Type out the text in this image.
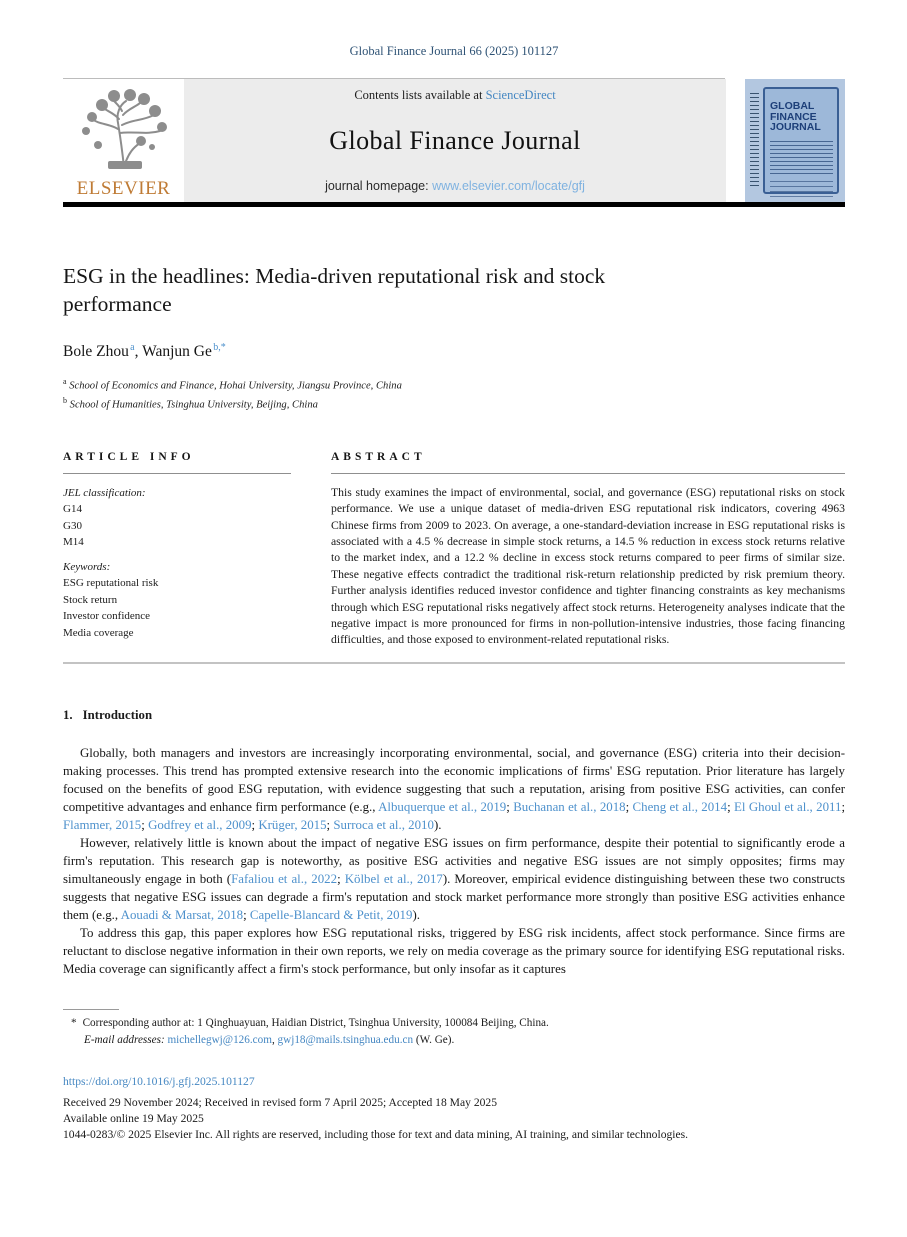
Global Finance Journal 66 (2025) 101127
ELSEVIER
Contents lists available at ScienceDirect
Global Finance Journal
journal homepage: www.elsevier.com/locate/gfj
GLOBAL
FINANCE
JOURNAL
ESG in the headlines: Media-driven reputational risk and stock performance
Bole Zhou $^a$, Wanjun Ge $^{b,*}$
$^a$ School of Economics and Finance, Hohai University, Jiangsu Province, China
$^b$ School of Humanities, Tsinghua University, Beijing, China
ARTICLE INFO
JEL classification:
G14
G30
M14
Keywords:
ESG reputational risk
Stock return
Investor confidence
Media coverage
ABSTRACT

This study examines the impact of environmental, social, and governance (ESG) reputational risks on stock performance. We use a unique dataset of media-driven ESG reputational risk indicators, covering 4963 Chinese firms from 2009 to 2023. On average, a one-standard-deviation increase in ESG reputational risks is associated with a 4.5 % decrease in simple stock returns, a 14.5 % reduction in excess stock returns relative to the market index, and a 12.2 % decline in excess stock returns compared to peer firms of similar size. These negative effects contradict the traditional risk-return relationship predicted by risk premium theory. Further analysis identifies reduced investor confidence and tighter financing constraints as key mechanisms through which ESG reputational risks negatively affect stock returns. Heterogeneity analyses indicate that the negative impact is more pronounced for firms in non-pollution-intensive industries, those facing financing difficulties, and those exposed to environment-related reputational risks.

1. Introduction

Globally, both managers and investors are increasingly incorporating environmental, social, and governance (ESG) criteria into their decision-making processes. This trend has prompted extensive research into the economic implications of firms' ESG reputation. Prior literature has largely focused on the benefits of good ESG reputation, with evidence suggesting that such a reputation, arising from positive ESG activities, can confer competitive advantages and enhance firm performance (e.g., Albuquerque et al., 2019; Buchanan et al., 2018; Cheng et al., 2014; El Ghoul et al., 2011; Flammer, 2015; Godfrey et al., 2009; Krüger, 2015; Surroca et al., 2010).

However, relatively little is known about the impact of negative ESG issues on firm performance, despite their potential to significantly erode a firm's reputation. This research gap is noteworthy, as positive ESG activities and negative ESG issues are not simply opposites; firms may simultaneously engage in both (Fafaliou et al., 2022; Kölbel et al., 2017). Moreover, empirical evidence distinguishing between these two constructs suggests that negative ESG issues can degrade a firm's reputation and stock market performance more strongly than positive ESG activities enhance them (e.g., Aouadi & Marsat, 2018; Capelle-Blancard & Petit, 2019).

To address this gap, this paper explores how ESG reputational risks, triggered by ESG risk incidents, affect stock performance. Since firms are reluctant to disclose negative information in their own reports, we rely on media coverage as the primary source for identifying ESG reputational risks. Media coverage can significantly affect a firm's stock performance, but only insofar as it captures

* Corresponding author at: 1 Qinghuayuan, Haidian District, Tsinghua University, 100084 Beijing, China.
E-mail addresses: michellegwj@126.com, gwj18@mails.tsinghua.edu.cn (W. Ge).
https://doi.org/10.1016/j.gfj.2025.101127
Received 29 November 2024; Received in revised form 7 April 2025; Accepted 18 May 2025
Available online 19 May 2025
1044-0283/© 2025 Elsevier Inc. All rights are reserved, including those for text and data mining, AI training, and similar technologies.
